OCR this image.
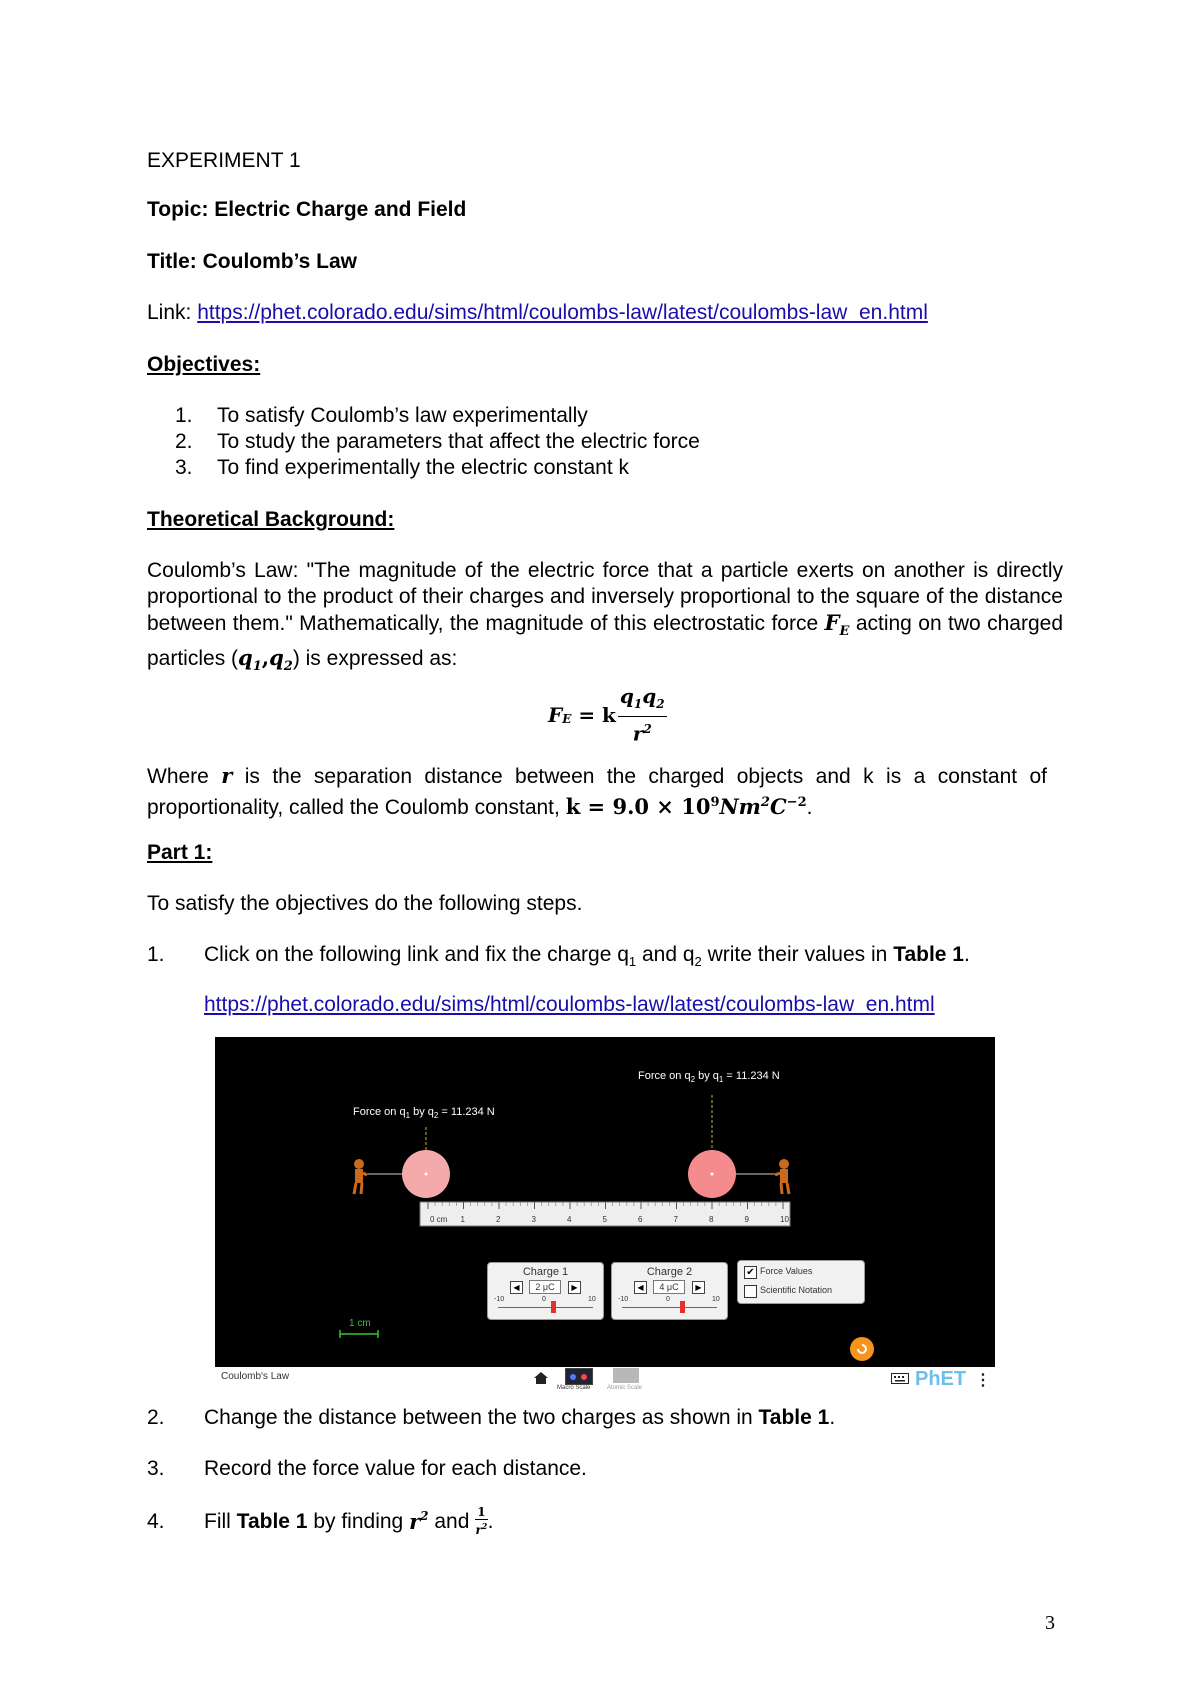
EXPERIMENT 1
Topic: Electric Charge and Field
Title: Coulomb’s Law
Link: https://phet.colorado.edu/sims/html/coulombs-law/latest/coulombs-law_en.html
Objectives:
1. To satisfy Coulomb’s law experimentally
2. To study the parameters that affect the electric force
3. To find experimentally the electric constant k
Theoretical Background:
Coulomb’s Law: "The magnitude of the electric force that a particle exerts on another is directly proportional to the product of their charges and inversely proportional to the square of the distance between them." Mathematically, the magnitude of this electrostatic force $F_E$ acting on two charged particles $(q_1,q_2)$ is expressed as:
$F_E = k$
$q_1q_2$
$r^2$
Where r is the separation distance between the charged objects and k is a constant of proportionality, called the Coulomb constant, $k = 9.0 \times 10^9Nm^2C^{-2}$.
Part 1:
To satisfy the objectives do the following steps.
1. Click on the following link and fix the charge $q_1$ and $q_2$ write their values in Table 1.
https://phet.colorado.edu/sims/html/coulombs-law/latest/coulombs-law_en.html
Force on $q_2$ by $q_1 = 11.234$ N
Force on $q_1$ by $q_2 = 11.234$ N
0 cm 1	2	3	4	5	6	7	8	9	10
1 cm
Charge 1
◀	2 μC	▶
-10	0	10
Charge 2
◀	4 μC	▶
-10	0	10
✔ Force Values
Scientific Notation
Coulomb's Law
Macro Scale	Atomic Scale	PhET ⋮
2. Change the distance between the two charges as shown in Table 1.
3. Record the force value for each distance.
4.	Fill Table 1 by finding $r^2$ and 1
$r^2$ .
3
